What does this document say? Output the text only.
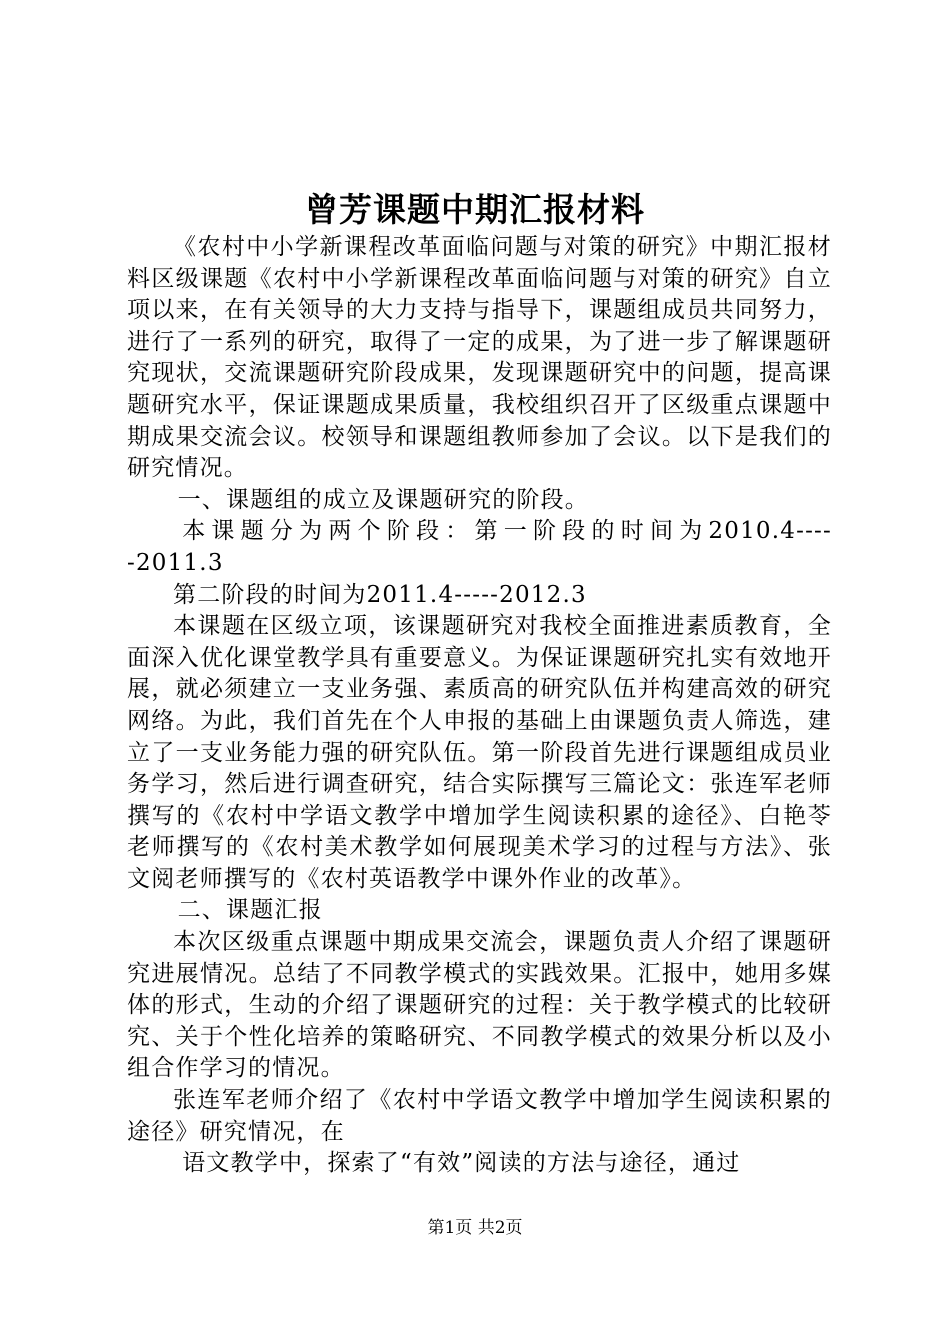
曾芳课题中期汇报材料

《农村中小学新课程改革面临问题与对策的研究》中期汇报材料区级课题《农村中小学新课程改革面临问题与对策的研究》自立项以来，在有关领导的大力支持与指导下，课题组成员共同努力，进行了一系列的研究，取得了一定的成果，为了进一步了解课题研究现状，交流课题研究阶段成果，发现课题研究中的问题，提高课题研究水平，保证课题成果质量，我校组织召开了区级重点课题中期成果交流会议。校领导和课题组教师参加了会议。以下是我们的研究情况。

一、课题组的成立及课题研究的阶段。

本课题分为两个阶段：第一阶段的时间为2010.4-----2011.3

第二阶段的时间为2011.4-----2012.3

本课题在区级立项，该课题研究对我校全面推进素质教育，全面深入优化课堂教学具有重要意义。为保证课题研究扎实有效地开展，就必须建立一支业务强、素质高的研究队伍并构建高效的研究网络。为此，我们首先在个人申报的基础上由课题负责人筛选，建立了一支业务能力强的研究队伍。第一阶段首先进行课题组成员业务学习，然后进行调查研究，结合实际撰写三篇论文：张连军老师撰写的《农村中学语文教学中增加学生阅读积累的途径》、白艳苓老师撰写的《农村美术教学如何展现美术学习的过程与方法》、张文阅老师撰写的《农村英语教学中课外作业的改革》。

二、课题汇报

本次区级重点课题中期成果交流会，课题负责人介绍了课题研究进展情况。总结了不同教学模式的实践效果。汇报中，她用多媒体的形式，生动的介绍了课题研究的过程：关于教学模式的比较研究、关于个性化培养的策略研究、不同教学模式的效果分析以及小组合作学习的情况。

张连军老师介绍了《农村中学语文教学中增加学生阅读积累的途径》研究情况，在

语文教学中，探索了“有效”阅读的方法与途径，通过

第1页 共2页
